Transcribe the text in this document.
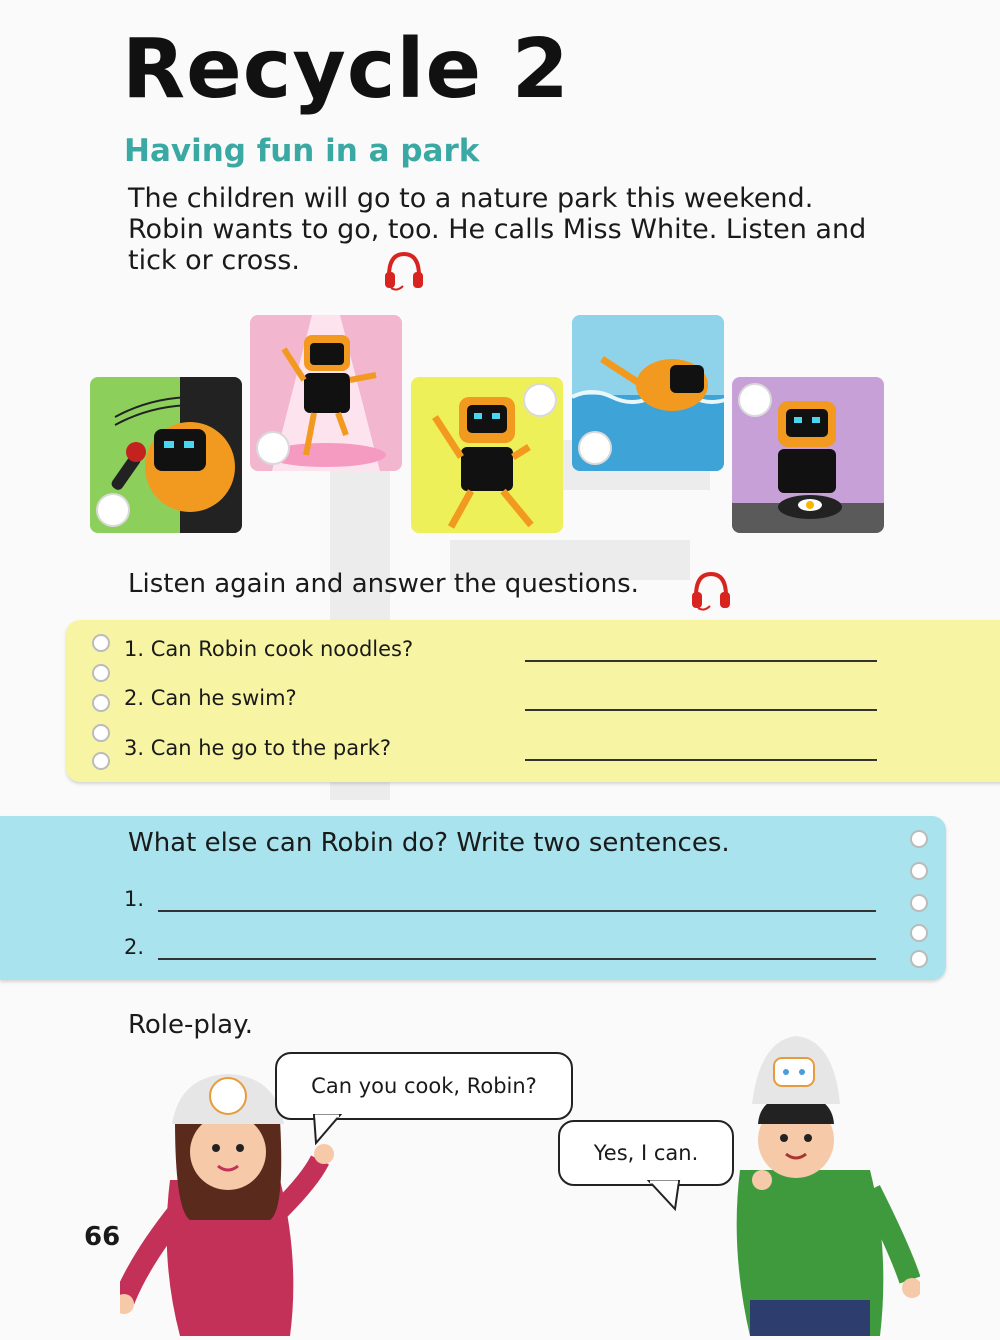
Recycle 2
Having fun in a park
The children will go to a nature park this weekend. Robin wants to go, too. He calls Miss White. Listen and tick or cross.
Listen again and answer the questions.
1. Can Robin cook noodles?
2. Can he swim?
3. Can he go to the park?
What else can Robin do? Write two sentences.
1.
2.
Role-play.
Can you cook, Robin?
Yes, I can.
66
